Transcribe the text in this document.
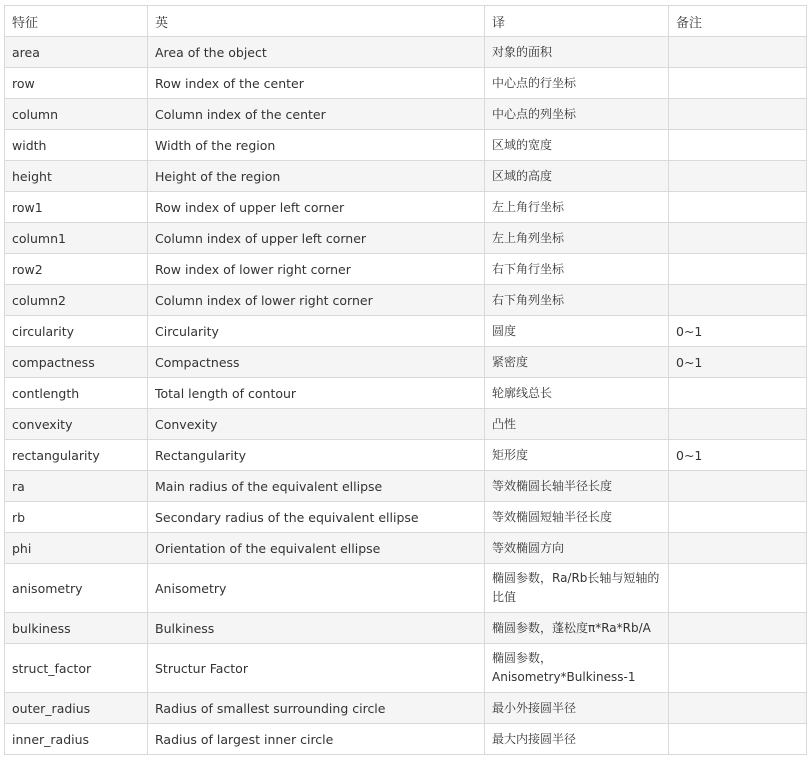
特征	英	译	备注
area	Area of the object	对象的面积	
row	Row index of the center	中心点的行坐标	
column	Column index of the center	中心点的列坐标	
width	Width of the region	区域的宽度	
height	Height of the region	区域的高度	
row1	Row index of upper left corner	左上角行坐标	
column1	Column index of upper left corner	左上角列坐标	
row2	Row index of lower right corner	右下角行坐标	
column2	Column index of lower right corner	右下角列坐标	
circularity	Circularity	圆度	0~1
compactness	Compactness	紧密度	0~1
contlength	Total length of contour	轮廓线总长	
convexity	Convexity	凸性	
rectangularity	Rectangularity	矩形度	0~1
ra	Main radius of the equivalent ellipse	等效椭圆长轴半径长度	
rb	Secondary radius of the equivalent ellipse	等效椭圆短轴半径长度	
phi	Orientation of the equivalent ellipse	等效椭圆方向	
anisometry	Anisometry	椭圆参数，Ra/Rb长轴与短轴的比值	
bulkiness	Bulkiness	椭圆参数，蓬松度π*Ra*Rb/A	
struct_factor	Structur Factor	椭圆参数，Anisometry*Bulkiness-1	
outer_radius	Radius of smallest surrounding circle	最小外接圆半径	
inner_radius	Radius of largest inner circle	最大内接圆半径	
